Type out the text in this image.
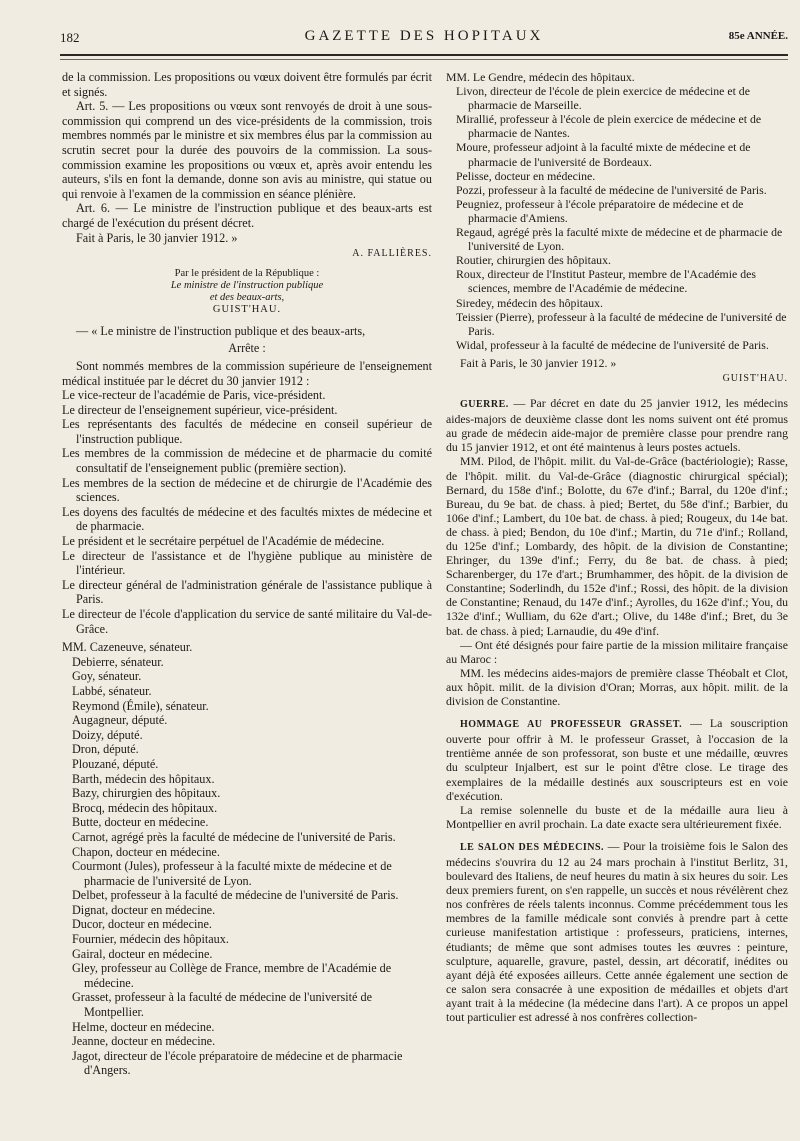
182	GAZETTE DES HOPITAUX	85e ANNÉE.

de la commission. Les propositions ou vœux doivent être formulés par écrit et signés.

Art. 5. — Les propositions ou vœux sont renvoyés de droit à une sous-commission qui comprend un des vice-présidents de la commission, trois membres nommés par le ministre et six membres élus par la commission au scrutin secret pour la durée des pouvoirs de la commission. La sous-commission examine les propositions ou vœux et, après avoir entendu les auteurs, s'ils en font la demande, donne son avis au ministre, qui statue ou qui renvoie à l'examen de la commission en séance plénière.

Art. 6. — Le ministre de l'instruction publique et des beaux-arts est chargé de l'exécution du présent décret.

Fait à Paris, le 30 janvier 1912. »

A. FALLIÈRES.

Par le président de la République :

Le ministre de l'instruction publique

et des beaux-arts,

GUIST'HAU.

— « Le ministre de l'instruction publique et des beaux-arts,

Arrête :

Sont nommés membres de la commission supérieure de l'enseignement médical instituée par le décret du 30 janvier 1912 :

Le vice-recteur de l'académie de Paris, vice-président.

Le directeur de l'enseignement supérieur, vice-président.

Les représentants des facultés de médecine en conseil supérieur de l'instruction publique.

Les membres de la commission de médecine et de pharmacie du comité consultatif de l'enseignement public (première section).

Les membres de la section de médecine et de chirurgie de l'Académie des sciences.

Les doyens des facultés de médecine et des facultés mixtes de médecine et de pharmacie.

Le président et le secrétaire perpétuel de l'Académie de médecine.

Le directeur de l'assistance et de l'hygiène publique au ministère de l'intérieur.

Le directeur général de l'administration générale de l'assistance publique à Paris.

Le directeur de l'école d'application du service de santé militaire du Val-de-Grâce.

MM. Cazeneuve, sénateur.

Debierre, sénateur.

Goy, sénateur.

Labbé, sénateur.

Reymond (Émile), sénateur.

Augagneur, député.

Doizy, député.

Dron, député.

Plouzané, député.

Barth, médecin des hôpitaux.

Bazy, chirurgien des hôpitaux.

Brocq, médecin des hôpitaux.

Butte, docteur en médecine.

Carnot, agrégé près la faculté de médecine de l'université de Paris.

Chapon, docteur en médecine.

Courmont (Jules), professeur à la faculté mixte de médecine et de pharmacie de l'université de Lyon.

Delbet, professeur à la faculté de médecine de l'université de Paris.

Dignat, docteur en médecine.

Ducor, docteur en médecine.

Fournier, médecin des hôpitaux.

Gairal, docteur en médecine.

Gley, professeur au Collège de France, membre de l'Académie de médecine.

Grasset, professeur à la faculté de médecine de l'université de Montpellier.

Helme, docteur en médecine.

Jeanne, docteur en médecine.

Jagot, directeur de l'école préparatoire de médecine et de pharmacie d'Angers.

MM. Le Gendre, médecin des hôpitaux.

Livon, directeur de l'école de plein exercice de médecine et de pharmacie de Marseille.

Mirallié, professeur à l'école de plein exercice de médecine et de pharmacie de Nantes.

Moure, professeur adjoint à la faculté mixte de médecine et de pharmacie de l'université de Bordeaux.

Pelisse, docteur en médecine.

Pozzi, professeur à la faculté de médecine de l'université de Paris.

Peugniez, professeur à l'école préparatoire de médecine et de pharmacie d'Amiens.

Regaud, agrégé près la faculté mixte de médecine et de pharmacie de l'université de Lyon.

Routier, chirurgien des hôpitaux.

Roux, directeur de l'Institut Pasteur, membre de l'Académie des sciences, membre de l'Académie de médecine.

Siredey, médecin des hôpitaux.

Teissier (Pierre), professeur à la faculté de médecine de l'université de Paris.

Widal, professeur à la faculté de médecine de l'université de Paris.

Fait à Paris, le 30 janvier 1912. »

GUIST'HAU.

GUERRE. — Par décret en date du 25 janvier 1912, les médecins aides-majors de deuxième classe dont les noms suivent ont été promus au grade de médecin aide-major de première classe pour prendre rang du 15 janvier 1912, et ont été maintenus à leurs postes actuels.

MM. Pilod, de l'hôpit. milit. du Val-de-Grâce (bactériologie); Rasse, de l'hôpit. milit. du Val-de-Grâce (diagnostic chirurgical spécial); Bernard, du 158e d'inf.; Bolotte, du 67e d'inf.; Barral, du 120e d'inf.; Bureau, du 9e bat. de chass. à pied; Bertet, du 58e d'inf.; Barbier, du 106e d'inf.; Lambert, du 10e bat. de chass. à pied; Rougeux, du 14e bat. de chass. à pied; Bendon, du 10e d'inf.; Martin, du 71e d'inf.; Rolland, du 125e d'inf.; Lombardy, des hôpit. de la division de Constantine; Ehringer, du 139e d'inf.; Ferry, du 8e bat. de chass. à pied; Scharenberger, du 17e d'art.; Brumhammer, des hôpit. de la division de Constantine; Soderlindh, du 152e d'inf.; Rossi, des hôpit. de la division de Constantine; Renaud, du 147e d'inf.; Ayrolles, du 162e d'inf.; You, du 132e d'inf.; Wulliam, du 62e d'art.; Olive, du 148e d'inf.; Bret, du 3e bat. de chass. à pied; Larnaudie, du 49e d'inf.

— Ont été désignés pour faire partie de la mission militaire française au Maroc :

MM. les médecins aides-majors de première classe Théobalt et Clot, aux hôpit. milit. de la division d'Oran; Morras, aux hôpit. milit. de la division de Constantine.

HOMMAGE AU PROFESSEUR GRASSET. — La souscription ouverte pour offrir à M. le professeur Grasset, à l'occasion de la trentième année de son professorat, son buste et une médaille, œuvres du sculpteur Injalbert, est sur le point d'être close. Le tirage des exemplaires de la médaille destinés aux souscripteurs est en voie d'exécution.

La remise solennelle du buste et de la médaille aura lieu à Montpellier en avril prochain. La date exacte sera ultérieurement fixée.

LE SALON DES MÉDECINS. — Pour la troisième fois le Salon des médecins s'ouvrira du 12 au 24 mars prochain à l'institut Berlitz, 31, boulevard des Italiens, de neuf heures du matin à six heures du soir. Les deux premiers furent, on s'en rappelle, un succès et nous révélèrent chez nos confrères de réels talents inconnus. Comme précédemment tous les membres de la famille médicale sont conviés à prendre part à cette curieuse manifestation artistique : professeurs, praticiens, internes, étudiants; de même que sont admises toutes les œuvres : peinture, sculpture, aquarelle, gravure, pastel, dessin, art décoratif, inédites ou ayant déjà été exposées ailleurs. Cette année également une section de ce salon sera consacrée à une exposition de médailles et objets d'art ayant trait à la médecine (la médecine dans l'art). A ce propos un appel tout particulier est adressé à nos confrères collection-
